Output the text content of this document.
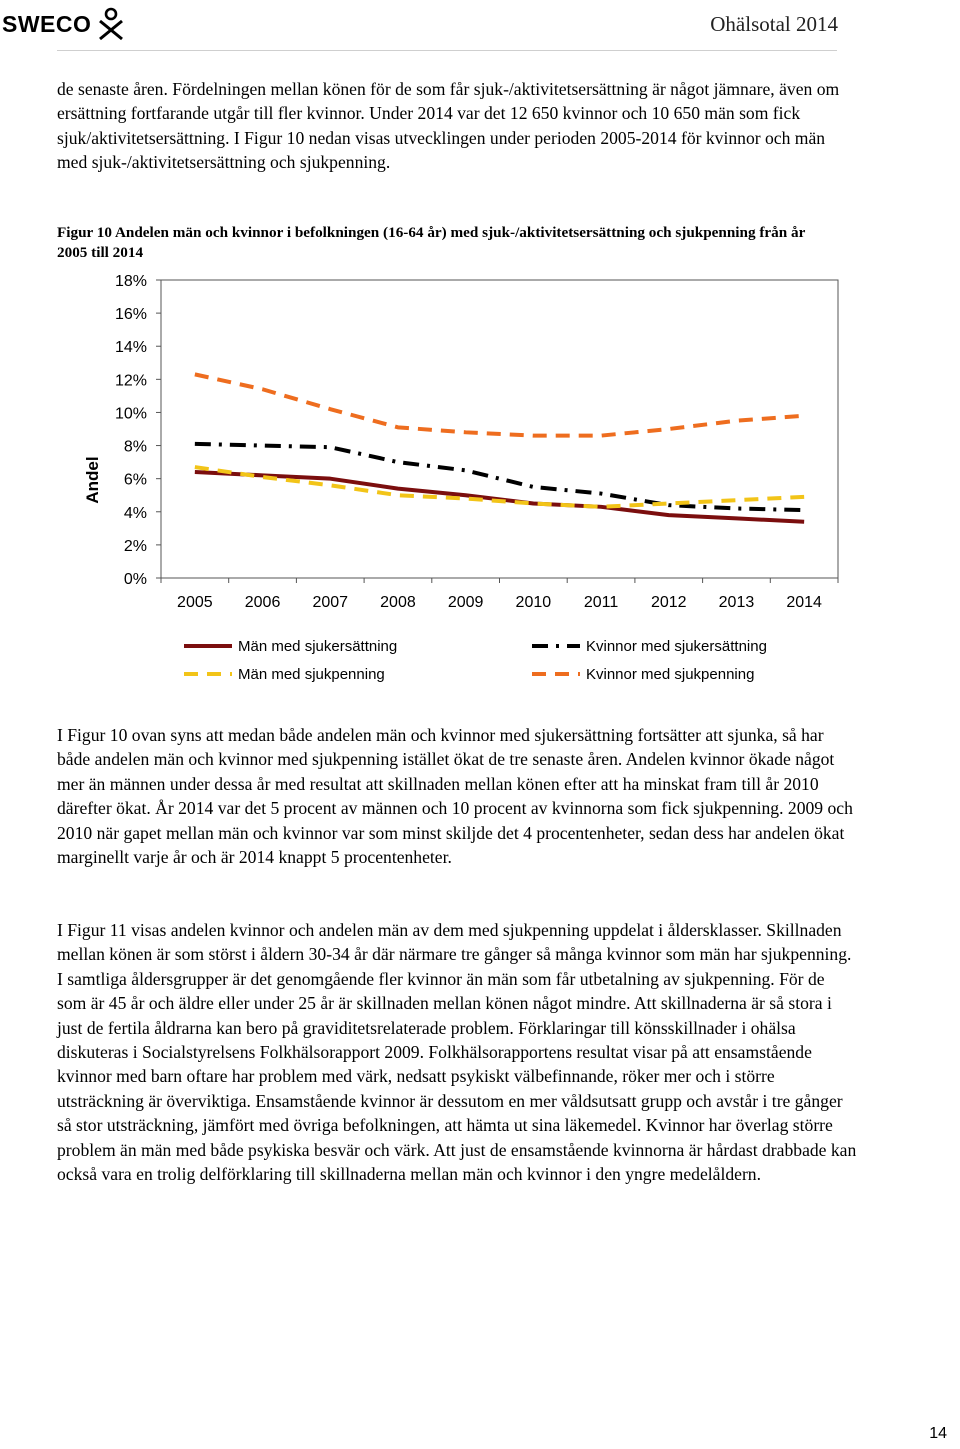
SWECO	Ohälsotal 2014

de senaste åren. Fördelningen mellan könen för de som får sjuk-/aktivitetsersättning är något jämnare, även om ersättning fortfarande utgår till fler kvinnor. Under 2014 var det 12 650 kvinnor och 10 650 män som fick sjuk/aktivitetsersättning. I Figur 10 nedan visas utvecklingen under perioden 2005-2014 för kvinnor och män med sjuk-/aktivitetsersättning och sjukpenning.

Figur 10 Andelen män och kvinnor i befolkningen (16-64 år) med sjuk-/aktivitetsersättning och sjukpenning från år 2005 till 2014

0%
2%
4%
6%
8%
10%
12%
14%
16%
18%
2005 2006 2007 2008 2009 2010 2011 2012 2013 2014
Andel
Män med sjukersättning	Kvinnor med sjukersättning
Män med sjukpenning	Kvinnor med sjukpenning

I Figur 10 ovan syns att medan både andelen män och kvinnor med sjukersättning fortsätter att sjunka, så har både andelen män och kvinnor med sjukpenning istället ökat de tre senaste åren. Andelen kvinnor ökade något mer än männen under dessa år med resultat att skillnaden mellan könen efter att ha minskat fram till år 2010 därefter ökat. År 2014 var det 5 procent av männen och 10 procent av kvinnorna som fick sjukpenning. 2009 och 2010 när gapet mellan män och kvinnor var som minst skiljde det 4 procentenheter, sedan dess har andelen ökat marginellt varje år och är 2014 knappt 5 procentenheter.

I Figur 11 visas andelen kvinnor och andelen män av dem med sjukpenning uppdelat i åldersklasser. Skillnaden mellan könen är som störst i åldern 30-34 år där närmare tre gånger så många kvinnor som män har sjukpenning. I samtliga åldersgrupper är det genomgående fler kvinnor än män som får utbetalning av sjukpenning. För de som är 45 år och äldre eller under 25 år är skillnaden mellan könen något mindre. Att skillnaderna är så stora i just de fertila åldrarna kan bero på graviditetsrelaterade problem. Förklaringar till könsskillnader i ohälsa diskuteras i Socialstyrelsens Folkhälsorapport 2009. Folkhälsorapportens resultat visar på att ensamstående kvinnor med barn oftare har problem med värk, nedsatt psykiskt välbefinnande, röker mer och i större utsträckning är överviktiga. Ensamstående kvinnor är dessutom en mer våldsutsatt grupp och avstår i tre gånger så stor utsträckning, jämfört med övriga befolkningen, att hämta ut sina läkemedel. Kvinnor har överlag större problem än män med både psykiska besvär och värk. Att just de ensamstående kvinnorna är hårdast drabbade kan också vara en trolig delförklaring till skillnaderna mellan män och kvinnor i den yngre medelåldern.

14
